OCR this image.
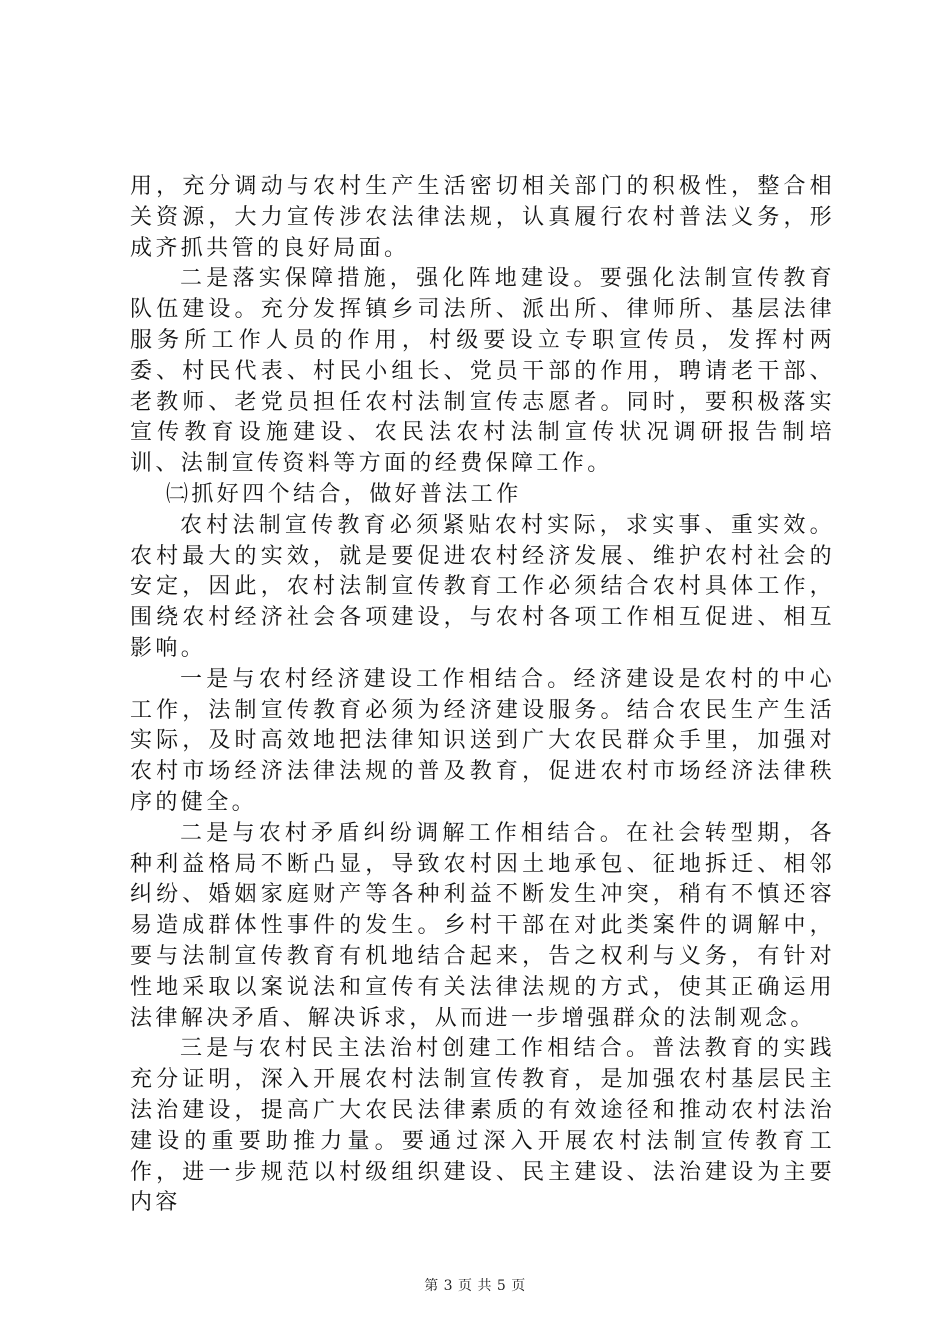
用，充分调动与农村生产生活密切相关部门的积极性，整合相关资源，大力宣传涉农法律法规，认真履行农村普法义务，形成齐抓共管的良好局面。

二是落实保障措施，强化阵地建设。要强化法制宣传教育队伍建设。充分发挥镇乡司法所、派出所、律师所、基层法律服务所工作人员的作用，村级要设立专职宣传员，发挥村两委、村民代表、村民小组长、党员干部的作用，聘请老干部、老教师、老党员担任农村法制宣传志愿者。同时，要积极落实宣传教育设施建设、农民法农村法制宣传状况调研报告制培训、法制宣传资料等方面的经费保障工作。

㈡抓好四个结合，做好普法工作

农村法制宣传教育必须紧贴农村实际，求实事、重实效。农村最大的实效，就是要促进农村经济发展、维护农村社会的安定，因此，农村法制宣传教育工作必须结合农村具体工作，围绕农村经济社会各项建设，与农村各项工作相互促进、相互影响。

一是与农村经济建设工作相结合。经济建设是农村的中心工作，法制宣传教育必须为经济建设服务。结合农民生产生活实际，及时高效地把法律知识送到广大农民群众手里，加强对农村市场经济法律法规的普及教育，促进农村市场经济法律秩序的健全。

二是与农村矛盾纠纷调解工作相结合。在社会转型期，各种利益格局不断凸显，导致农村因土地承包、征地拆迁、相邻纠纷、婚姻家庭财产等各种利益不断发生冲突，稍有不慎还容易造成群体性事件的发生。乡村干部在对此类案件的调解中，要与法制宣传教育有机地结合起来，告之权利与义务，有针对性地采取以案说法和宣传有关法律法规的方式，使其正确运用法律解决矛盾、解决诉求，从而进一步增强群众的法制观念。

三是与农村民主法治村创建工作相结合。普法教育的实践充分证明，深入开展农村法制宣传教育，是加强农村基层民主法治建设，提高广大农民法律素质的有效途径和推动农村法治建设的重要助推力量。要通过深入开展农村法制宣传教育工作，进一步规范以村级组织建设、民主建设、法治建设为主要内容

第 3 页 共 5 页
